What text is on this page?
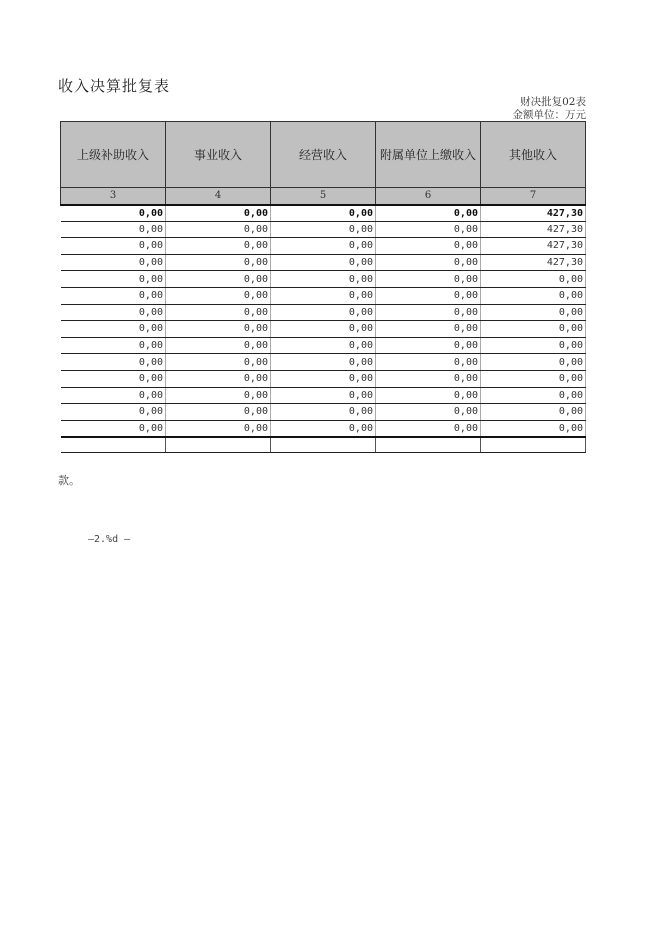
收入决算批复表
财决批复02表
金额单位：万元
上级补助收入	事业收入	经营收入	附属单位上缴收入	其他收入
3	4	5	6	7
0,00	0,00	0,00	0,00	427,30
0,00	0,00	0,00	0,00	427,30
0,00	0,00	0,00	0,00	427,30
0,00	0,00	0,00	0,00	427,30
0,00	0,00	0,00	0,00	0,00
0,00	0,00	0,00	0,00	0,00
0,00	0,00	0,00	0,00	0,00
0,00	0,00	0,00	0,00	0,00
0,00	0,00	0,00	0,00	0,00
0,00	0,00	0,00	0,00	0,00
0,00	0,00	0,00	0,00	0,00
0,00	0,00	0,00	0,00	0,00
0,00	0,00	0,00	0,00	0,00
0,00	0,00	0,00	0,00	0,00

款。
—2.%d —
